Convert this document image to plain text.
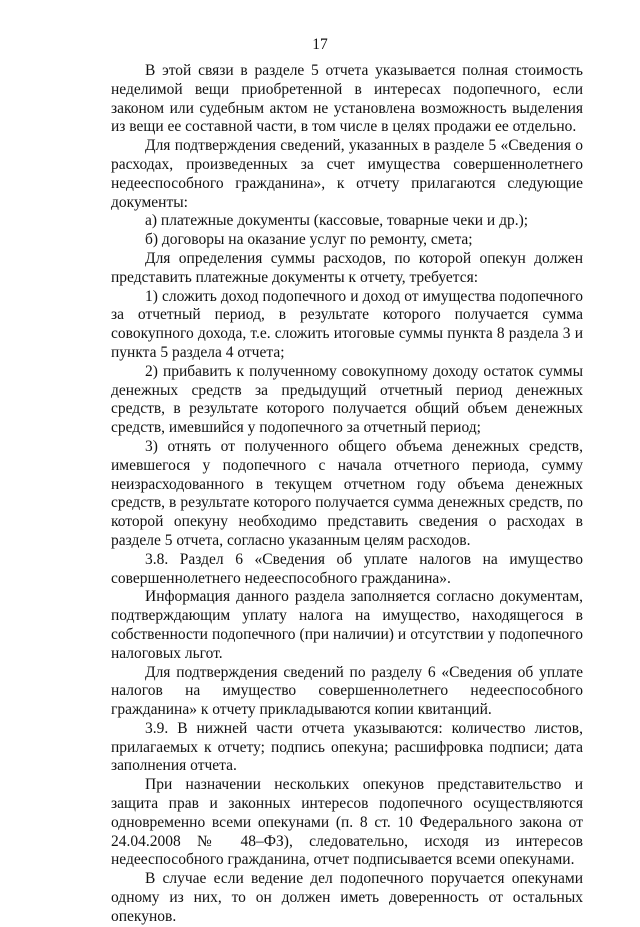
17

В этой связи в разделе 5 отчета указывается полная стоимость неделимой вещи приобретенной в интересах подопечного, если законом или судебным актом не установлена возможность выделения из вещи ее составной части, в том числе в целях продажи ее отдельно.

Для подтверждения сведений, указанных в разделе 5 «Сведения о расходах, произведенных за счет имущества совершеннолетнего недееспособного гражданина», к отчету прилагаются следующие документы:

а) платежные документы (кассовые, товарные чеки и др.);

б) договоры на оказание услуг по ремонту, смета;

Для определения суммы расходов, по которой опекун должен представить платежные документы к отчету, требуется:

1) сложить доход подопечного и доход от имущества подопечного за отчетный период, в результате которого получается сумма совокупного дохода, т.е. сложить итоговые суммы пункта 8 раздела 3 и пункта 5 раздела 4 отчета;

2) прибавить к полученному совокупному доходу остаток суммы денежных средств за предыдущий отчетный период денежных средств, в результате которого получается общий объем денежных средств, имевшийся у подопечного за отчетный период;

3) отнять от полученного общего объема денежных средств, имевшегося у подопечного с начала отчетного периода, сумму неизрасходованного в текущем отчетном году объема денежных средств, в результате которого получается сумма денежных средств, по которой опекуну необходимо представить сведения о расходах в разделе 5 отчета, согласно указанным целям расходов.

3.8. Раздел 6 «Сведения об уплате налогов на имущество совершеннолетнего недееспособного гражданина».

Информация данного раздела заполняется согласно документам, подтверждающим уплату налога на имущество, находящегося в собственности подопечного (при наличии) и отсутствии у подопечного налоговых льгот.

Для подтверждения сведений по разделу 6 «Сведения об уплате налогов на имущество совершеннолетнего недееспособного гражданина» к отчету прикладываются копии квитанций.

3.9. В нижней части отчета указываются: количество листов, прилагаемых к отчету; подпись опекуна; расшифровка подписи; дата заполнения отчета.

При назначении нескольких опекунов представительство и защита прав и законных интересов подопечного осуществляются одновременно всеми опекунами (п. 8 ст. 10 Федерального закона от 24.04.2008 № 48–ФЗ), следовательно, исходя из интересов недееспособного гражданина, отчет подписывается всеми опекунами.

В случае если ведение дел подопечного поручается опекунами одному из них, то он должен иметь доверенность от остальных опекунов.
